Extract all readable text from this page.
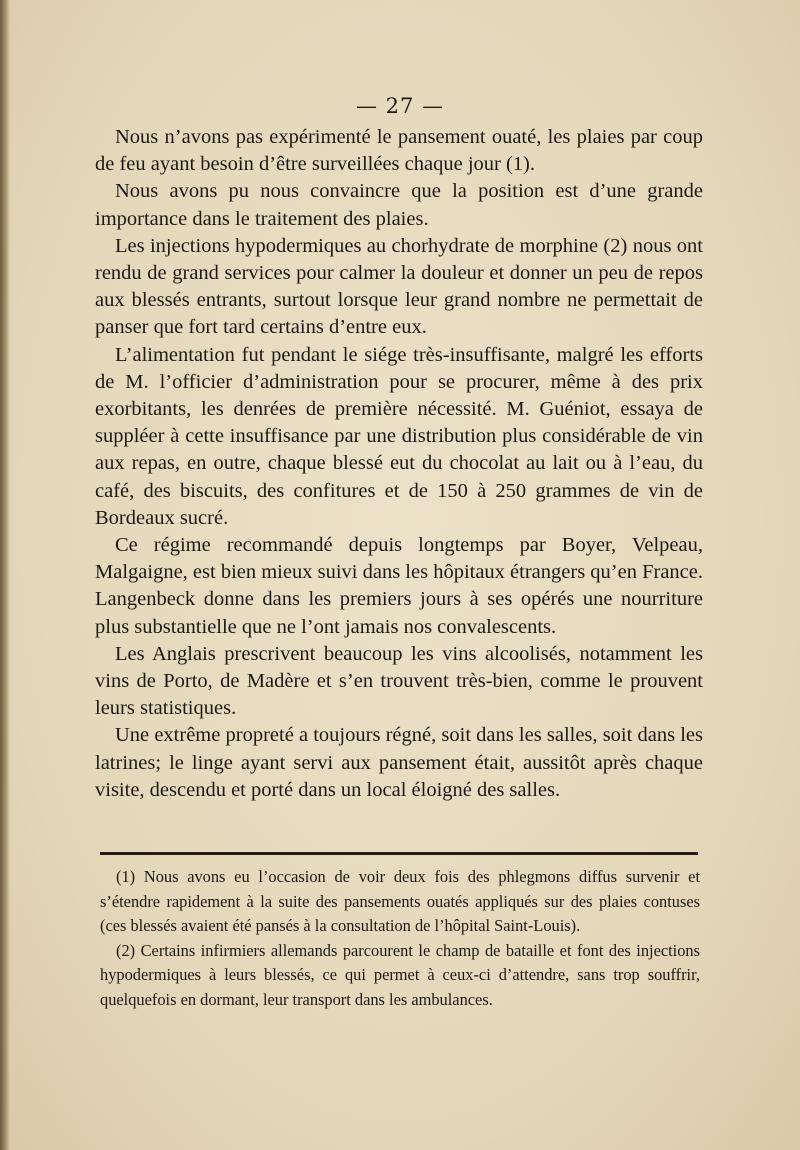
— 27 —

Nous n’avons pas expérimenté le pansement ouaté, les plaies par coup de feu ayant besoin d’être surveillées chaque jour (1).

Nous avons pu nous convaincre que la position est d’une grande importance dans le traitement des plaies.

Les injections hypodermiques au chorhydrate de morphine (2) nous ont rendu de grand services pour calmer la douleur et donner un peu de repos aux blessés entrants, surtout lorsque leur grand nombre ne permettait de panser que fort tard certains d’entre eux.

L’alimentation fut pendant le siége très-insuffisante, malgré les efforts de M. l’officier d’administration pour se procurer, même à des prix exorbitants, les denrées de première nécessité. M. Guéniot, essaya de suppléer à cette insuffisance par une distribution plus considérable de vin aux repas, en outre, chaque blessé eut du chocolat au lait ou à l’eau, du café, des biscuits, des confitures et de 150 à 250 grammes de vin de Bordeaux sucré.

Ce régime recommandé depuis longtemps par Boyer, Velpeau, Malgaigne, est bien mieux suivi dans les hôpitaux étrangers qu’en France. Langenbeck donne dans les premiers jours à ses opérés une nourriture plus substantielle que ne l’ont jamais nos convalescents.

Les Anglais prescrivent beaucoup les vins alcoolisés, notamment les vins de Porto, de Madère et s’en trouvent très-bien, comme le prouvent leurs statistiques.

Une extrême propreté a toujours régné, soit dans les salles, soit dans les latrines; le linge ayant servi aux pansement était, aussitôt après chaque visite, descendu et porté dans un local éloigné des salles.

(1) Nous avons eu l’occasion de voir deux fois des phlegmons diffus survenir et s’étendre rapidement à la suite des pansements ouatés appliqués sur des plaies contuses (ces blessés avaient été pansés à la consultation de l’hôpital Saint-Louis).

(2) Certains infirmiers allemands parcourent le champ de bataille et font des injections hypodermiques à leurs blessés, ce qui permet à ceux-ci d’attendre, sans trop souffrir, quelquefois en dormant, leur transport dans les ambulances.
